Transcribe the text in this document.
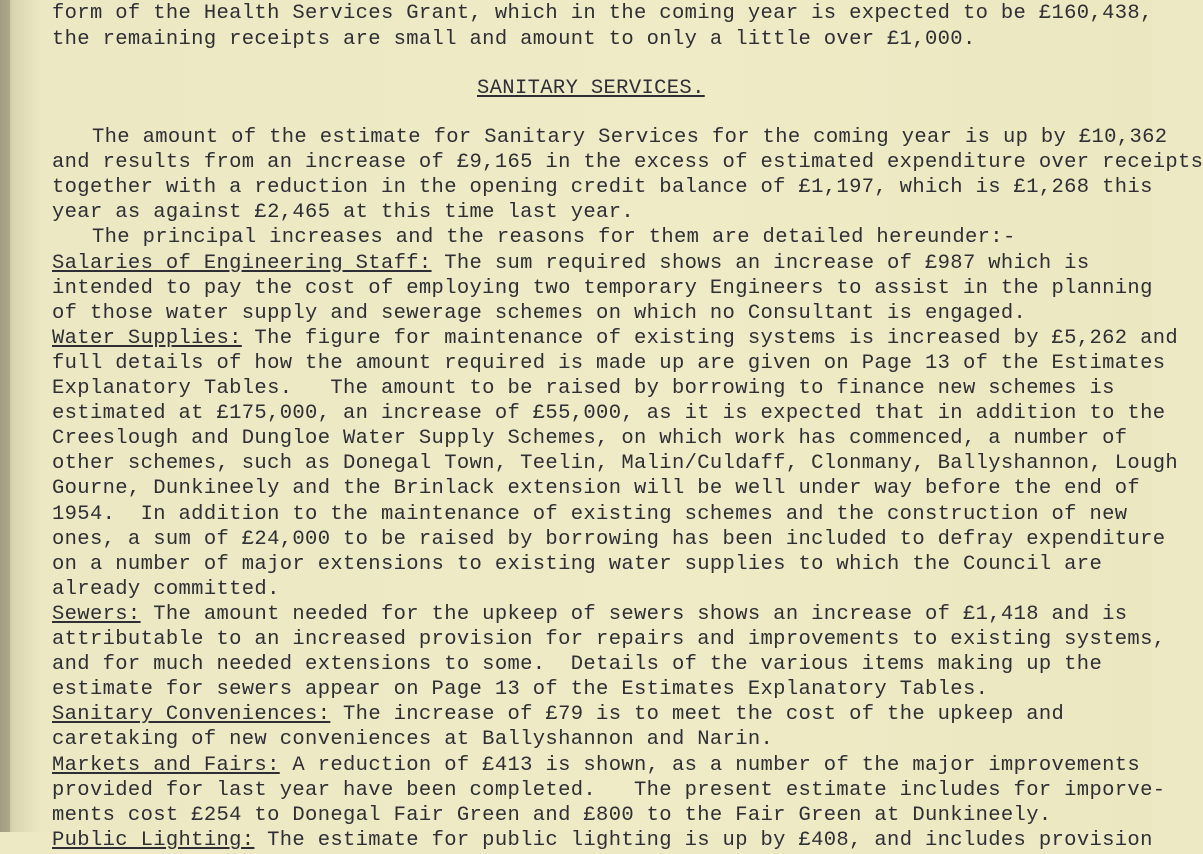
form of the Health Services Grant, which in the coming year is expected to be £160,438,

the remaining receipts are small and amount to only a little over £1,000.

SANITARY SERVICES.

The amount of the estimate for Sanitary Services for the coming year is up by £10,362
and results from an increase of £9,165 in the excess of estimated expenditure over receipts
together with a reduction in the opening credit balance of £1,197, which is £1,268 this
year as against £2,465 at this time last year.
The principal increases and the reasons for them are detailed hereunder:-
Salaries of Engineering Staff: The sum required shows an increase of £987 which is
intended to pay the cost of employing two temporary Engineers to assist in the planning
of those water supply and sewerage schemes on which no Consultant is engaged.
Water Supplies: The figure for maintenance of existing systems is increased by £5,262 and
full details of how the amount required is made up are given on Page 13 of the Estimates
Explanatory Tables.   The amount to be raised by borrowing to finance new schemes is
estimated at £175,000, an increase of £55,000, as it is expected that in addition to the
Creeslough and Dungloe Water Supply Schemes, on which work has commenced, a number of
other schemes, such as Donegal Town, Teelin, Malin/Culdaff, Clonmany, Ballyshannon, Lough
Gourne, Dunkineely and the Brinlack extension will be well under way before the end of
1954.  In addition to the maintenance of existing schemes and the construction of new
ones, a sum of £24,000 to be raised by borrowing has been included to defray expenditure
on a number of major extensions to existing water supplies to which the Council are
already committed.
Sewers: The amount needed for the upkeep of sewers shows an increase of £1,418 and is
attributable to an increased provision for repairs and improvements to existing systems,
and for much needed extensions to some.  Details of the various items making up the
estimate for sewers appear on Page 13 of the Estimates Explanatory Tables.
Sanitary Conveniences: The increase of £79 is to meet the cost of the upkeep and
caretaking of new conveniences at Ballyshannon and Narin.
Markets and Fairs: A reduction of £413 is shown, as a number of the major improvements
provided for last year have been completed.   The present estimate includes for imporve-
ments cost £254 to Donegal Fair Green and £800 to the Fair Green at Dunkineely.
Public Lighting: The estimate for public lighting is up by £408, and includes provision
